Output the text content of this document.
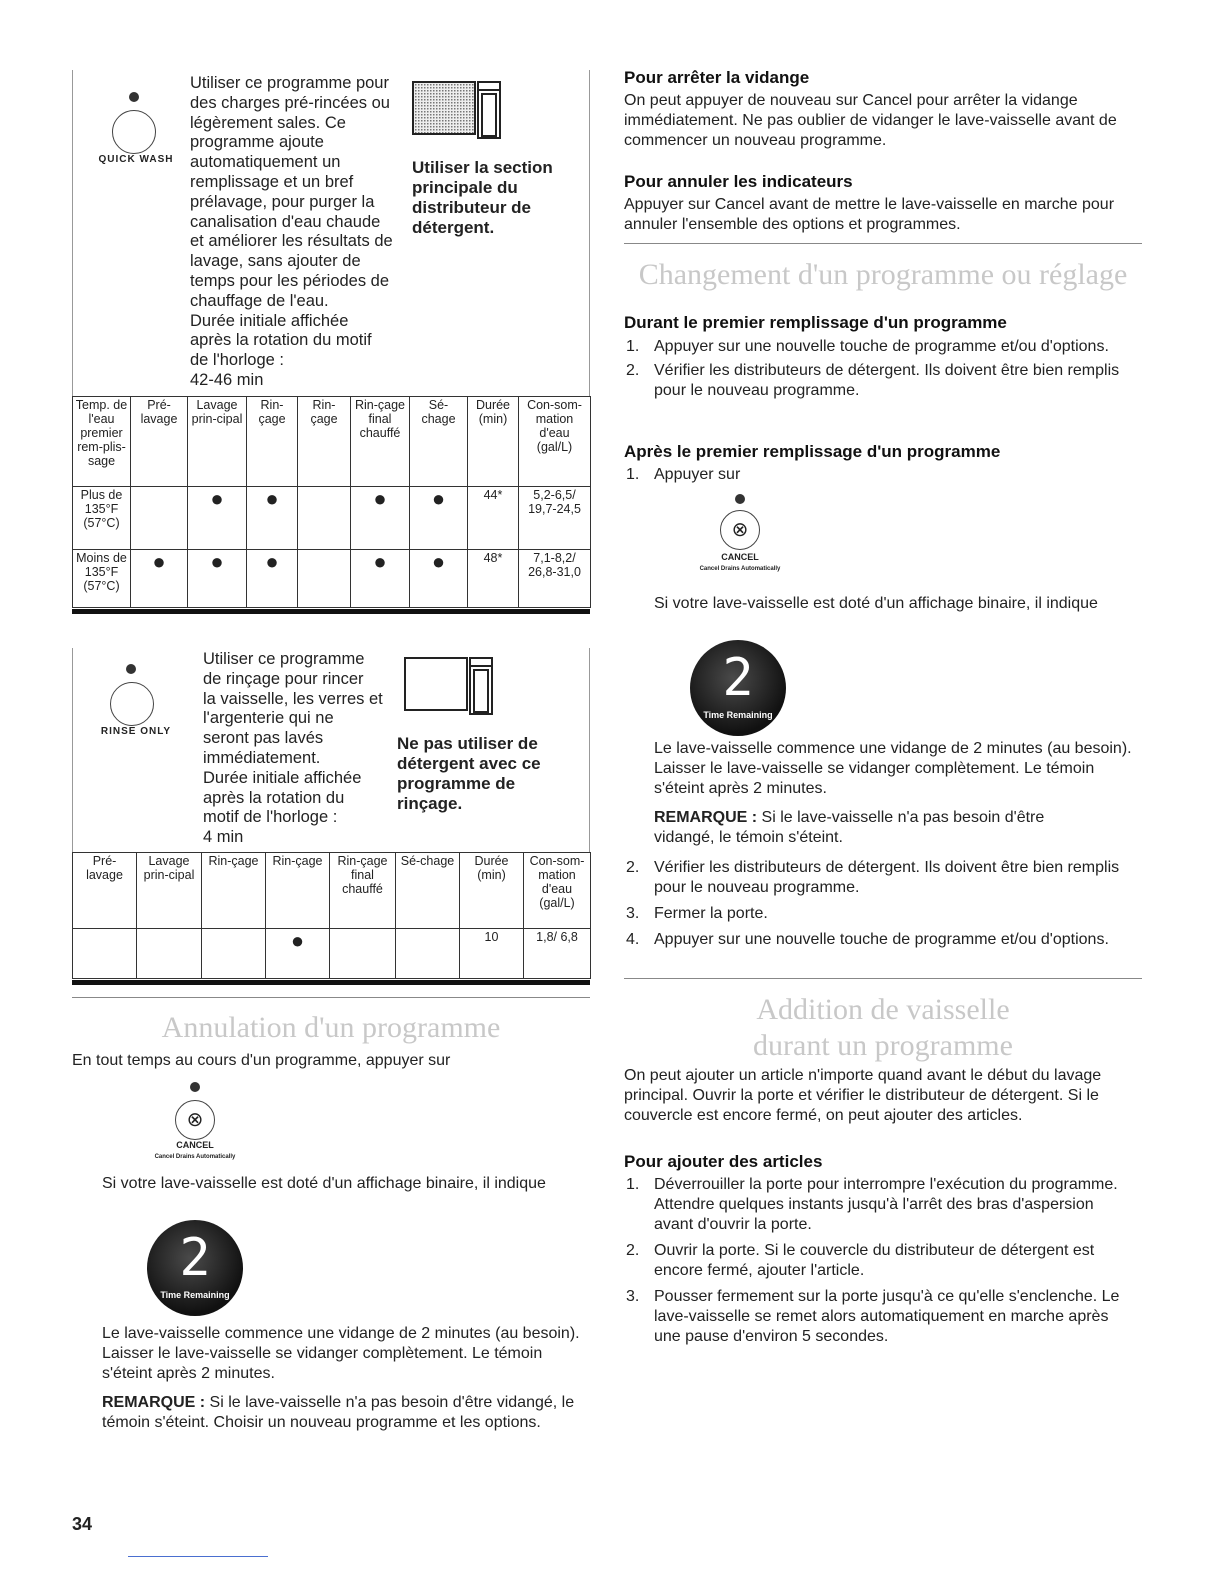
QUICK WASH
Utiliser ce programme pour
des charges pré-rincées ou
légèrement sales. Ce
programme ajoute
automatiquement un
remplissage et un bref
prélavage, pour purger la
canalisation d'eau chaude
et améliorer les résultats de
lavage, sans ajouter de
temps pour les périodes de
chauffage de l'eau.
Durée initiale affichée
après la rotation du motif
de l'horloge :
42-46 min
Utiliser la section
principale du
distributeur de
détergent.
Temp. de l'eau premier rem-plis-sage	Pré-lavage	Lavage prin-cipal	Rin-çage	Rin-çage	Rin-çage final chauffé	Sé-chage	Durée (min)	Con-som-mation d'eau (gal/L)
Plus de 135°F (57°C)		●	●		●	●	44*	5,2-6,5/ 19,7-24,5
Moins de 135°F (57°C)	●	●	●		●	●	48*	7,1-8,2/ 26,8-31,0
RINSE ONLY
Utiliser ce programme
de rinçage pour rincer
la vaisselle, les verres et
l'argenterie qui ne
seront pas lavés
immédiatement.
Durée initiale affichée
après la rotation du
motif de l'horloge :
4 min
Ne pas utiliser de
détergent avec ce
programme de
rinçage.
Pré-lavage	Lavage prin-cipal	Rin-çage	Rin-çage	Rin-çage final chauffé	Sé-chage	Durée (min)	Con-som-mation d'eau (gal/L)
			●			10	1,8/ 6,8
Annulation d'un programme
En tout temps au cours d'un programme, appuyer sur
⊗
CANCEL
Cancel Drains Automatically
Si votre lave-vaisselle est doté d'un affichage binaire, il indique
2
Time Remaining
Le lave-vaisselle commence une vidange de 2 minutes (au besoin). Laisser le lave-vaisselle se vidanger complètement. Le témoin s'éteint après 2 minutes.
REMARQUE : Si le lave-vaisselle n'a pas besoin d'être vidangé, le témoin s'éteint. Choisir un nouveau programme et les options.
34
Pour arrêter la vidange
On peut appuyer de nouveau sur Cancel pour arrêter la vidange immédiatement. Ne pas oublier de vidanger le lave-vaisselle avant de commencer un nouveau programme.
Pour annuler les indicateurs
Appuyer sur Cancel avant de mettre le lave-vaisselle en marche pour annuler l'ensemble des options et programmes.
Changement d'un programme ou réglage
Durant le premier remplissage d'un programme
1. Appuyer sur une nouvelle touche de programme et/ou d'options.
2. Vérifier les distributeurs de détergent. Ils doivent être bien remplis pour le nouveau programme.
Après le premier remplissage d'un programme
1. Appuyer sur
⊗
CANCEL
Cancel Drains Automatically
Si votre lave-vaisselle est doté d'un affichage binaire, il indique
2
Time Remaining
Le lave-vaisselle commence une vidange de 2 minutes (au besoin). Laisser le lave-vaisselle se vidanger complètement. Le témoin s'éteint après 2 minutes.
REMARQUE : Si le lave-vaisselle n'a pas besoin d'être vidangé, le témoin s'éteint.
2. Vérifier les distributeurs de détergent. Ils doivent être bien remplis pour le nouveau programme.
3. Fermer la porte.
4. Appuyer sur une nouvelle touche de programme et/ou d'options.
Addition de vaisselle
durant un programme
On peut ajouter un article n'importe quand avant le début du lavage principal. Ouvrir la porte et vérifier le distributeur de détergent. Si le couvercle est encore fermé, on peut ajouter des articles.
Pour ajouter des articles
1. Déverrouiller la porte pour interrompre l'exécution du programme. Attendre quelques instants jusqu'à l'arrêt des bras d'aspersion avant d'ouvrir la porte.
2. Ouvrir la porte. Si le couvercle du distributeur de détergent est encore fermé, ajouter l'article.
3. Pousser fermement sur la porte jusqu'à ce qu'elle s'enclenche. Le lave-vaisselle se remet alors automatiquement en marche après une pause d'environ 5 secondes.
